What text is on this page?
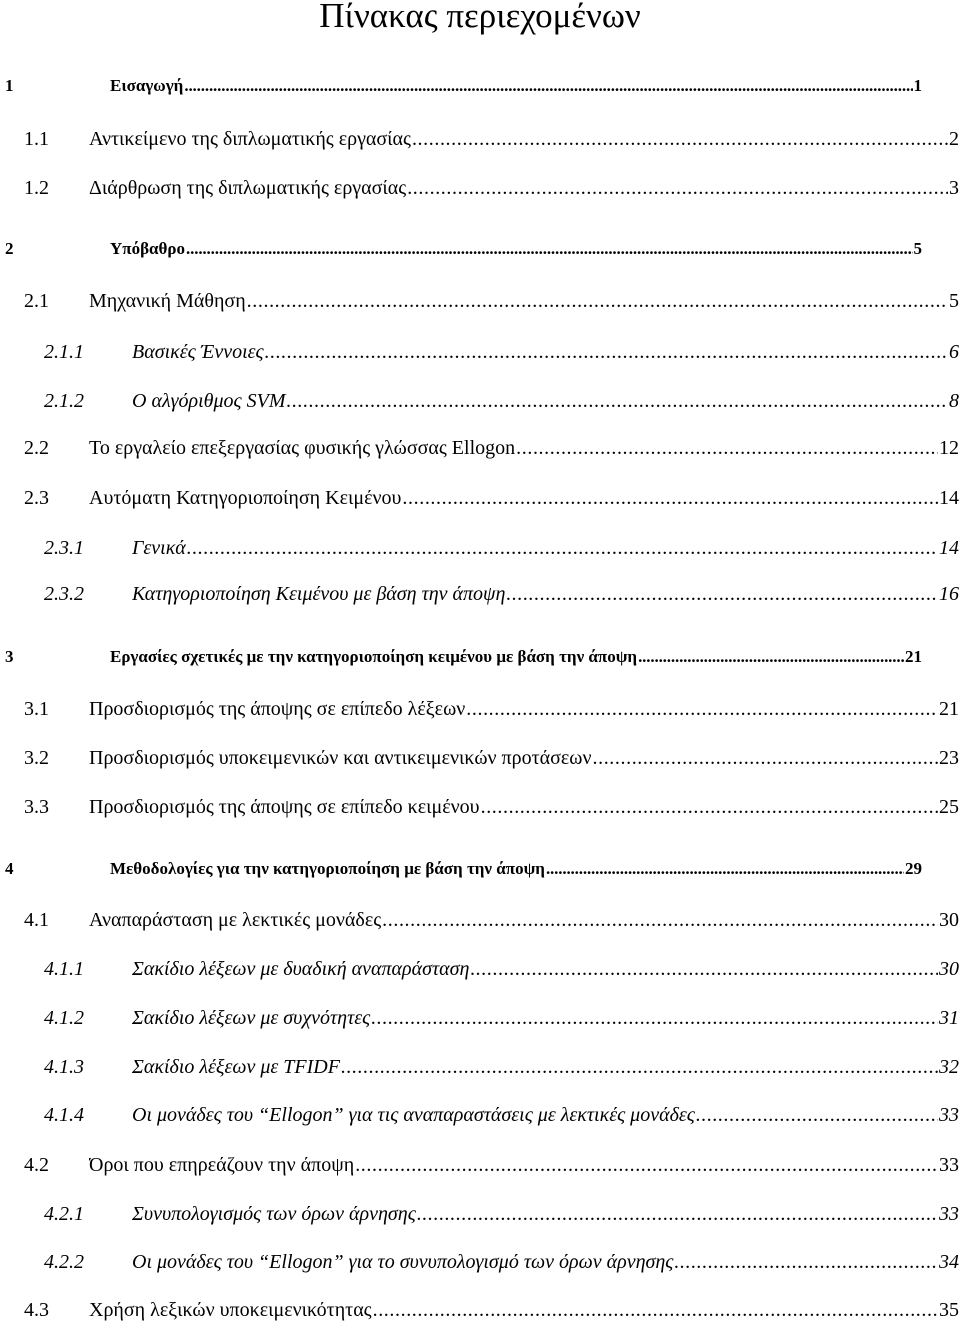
Πίνακας περιεχομένων
1	Εισαγωγή . . .	1
1.1 Αντικείμενο της διπλωματικής εργασίας . . .	2
1.2 Διάρθρωση της διπλωματικής εργασίας . . .	3
2	Υπόβαθρο . . .	5
2.1 Μηχανική Μάθηση . . .	5
2.1.1 Βασικές Έννοιες . . .	6
2.1.2 Ο αλγόριθμος SVM . . .	8
2.2 Το εργαλείο επεξεργασίας φυσικής γλώσσας Ellogon . . .	12
2.3 Αυτόματη Κατηγοριοποίηση Κειμένου . . .	14
2.3.1 Γενικά . . .	14
2.3.2 Κατηγοριοποίηση Κειμένου με βάση την άποψη . . .	16
3	Εργασίες σχετικές με την κατηγοριοποίηση κειμένου με βάση την άποψη . . .	21
3.1 Προσδιορισμός της άποψης σε επίπεδο λέξεων . . .	21
3.2 Προσδιορισμός υποκειμενικών και αντικειμενικών προτάσεων . . .	23
3.3 Προσδιορισμός της άποψης σε επίπεδο κειμένου . . .	25
4	Μεθοδολογίες για την κατηγοριοποίηση με βάση την άποψη . . .	29
4.1 Αναπαράσταση με λεκτικές μονάδες . . .	30
4.1.1 Σακίδιο λέξεων με δυαδική αναπαράσταση . . .	30
4.1.2 Σακίδιο λέξεων με συχνότητες . . .	31
4.1.3 Σακίδιο λέξεων με TFIDF . . .	32
4.1.4 Οι μονάδες του “Ellogon” για τις αναπαραστάσεις με λεκτικές μονάδες . . .	33
4.2 Όροι που επηρεάζουν την άποψη . . .	33
4.2.1 Συνυπολογισμός των όρων άρνησης . . .	33
4.2.2 Οι μονάδες του “Ellogon” για το συνυπολογισμό των όρων άρνησης . . .	34
4.3 Χρήση λεξικών υποκειμενικότητας . . .	35
